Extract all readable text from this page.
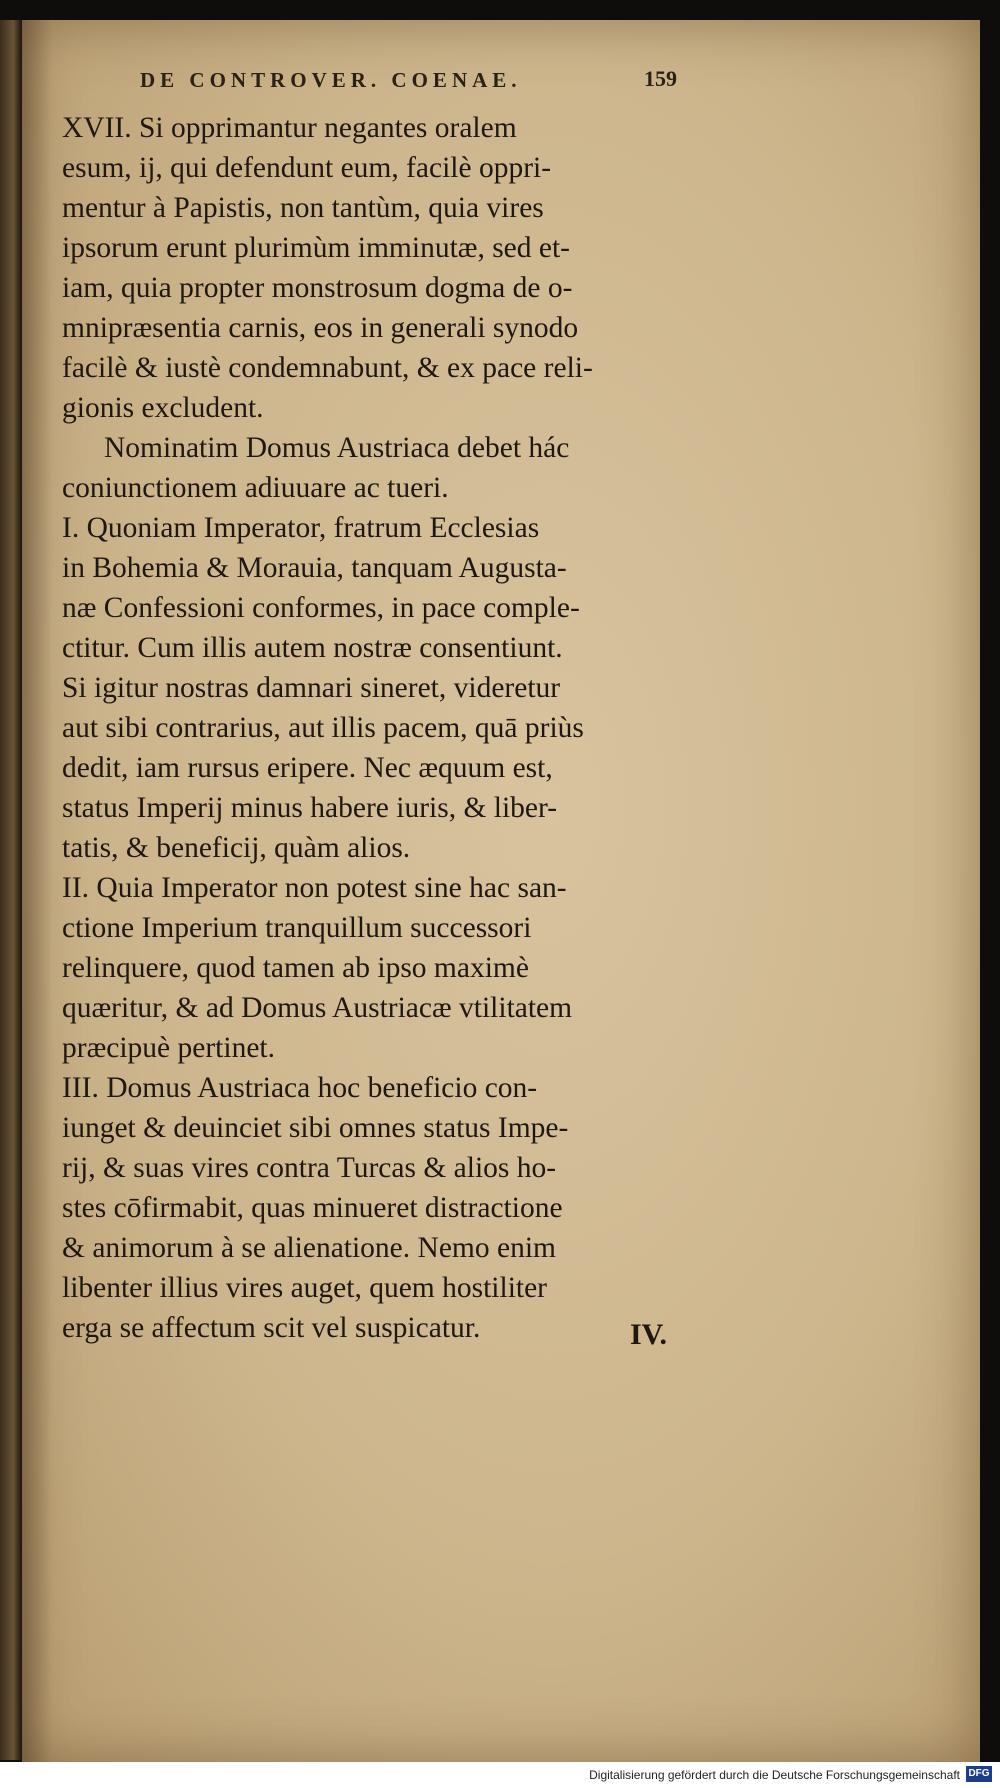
DE CONTROVER. COENAE.	159
XVII. Si opprimantur negantes oralem
esum, ij, qui defendunt eum, facilè oppri-
mentur à Papistis, non tantùm, quia vires
ipsorum erunt plurimùm imminutæ, sed et-
iam, quia propter monstrosum dogma de o-
mnipræsentia carnis, eos in generali synodo
facilè & iustè condemnabunt, & ex pace reli-
gionis excludent.
Nominatim Domus Austriaca debet hác
coniunctionem adiuuare ac tueri.
I. Quoniam Imperator, fratrum Ecclesias
in Bohemia & Morauia, tanquam Augusta-
næ Confessioni conformes, in pace comple-
ctitur. Cum illis autem nostræ consentiunt.
Si igitur nostras damnari sineret, videretur
aut sibi contrarius, aut illis pacem, quā priùs
dedit, iam rursus eripere. Nec æquum est,
status Imperij minus habere iuris, & liber-
tatis, & beneficij, quàm alios.
II. Quia Imperator non potest sine hac san-
ctione Imperium tranquillum successori
relinquere, quod tamen ab ipso maximè
quæritur, & ad Domus Austriacæ vtilitatem
præcipuè pertinet.
III. Domus Austriaca hoc beneficio con-
iunget & deuinciet sibi omnes status Impe-
rij, & suas vires contra Turcas & alios ho-
stes cōfirmabit, quas minueret distractione
& animorum à se alienatione. Nemo enim
libenter illius vires auget, quem hostiliter
erga se affectum scit vel suspicatur.	IV.
Digitalisierung gefördert durch die Deutsche Forschungsgemeinschaft DFG
